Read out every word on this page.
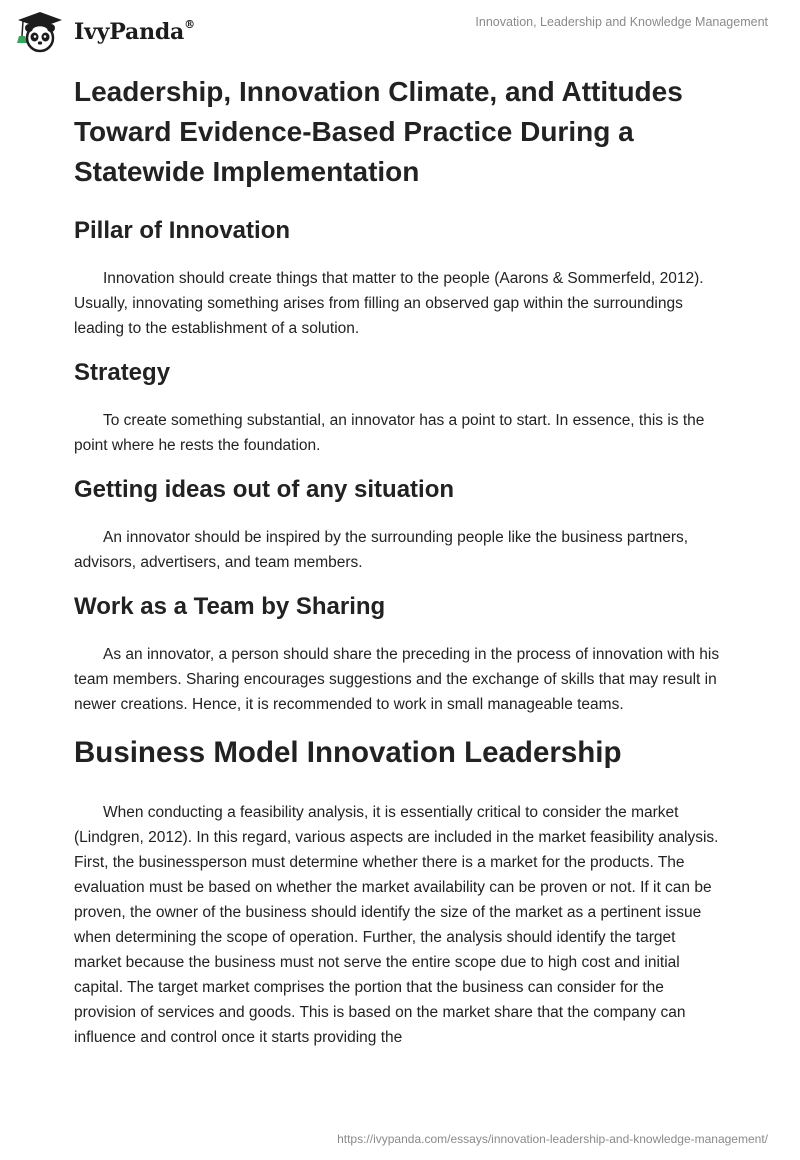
IvyPanda®	Innovation, Leadership and Knowledge Management
Leadership, Innovation Climate, and Attitudes Toward Evidence-Based Practice During a Statewide Implementation
Pillar of Innovation

Innovation should create things that matter to the people (Aarons & Sommerfeld, 2012). Usually, innovating something arises from filling an observed gap within the surroundings leading to the establishment of a solution.

Strategy

To create something substantial, an innovator has a point to start. In essence, this is the point where he rests the foundation.

Getting ideas out of any situation

An innovator should be inspired by the surrounding people like the business partners, advisors, advertisers, and team members.

Work as a Team by Sharing

As an innovator, a person should share the preceding in the process of innovation with his team members. Sharing encourages suggestions and the exchange of skills that may result in newer creations. Hence, it is recommended to work in small manageable teams.

Business Model Innovation Leadership

When conducting a feasibility analysis, it is essentially critical to consider the market (Lindgren, 2012). In this regard, various aspects are included in the market feasibility analysis. First, the businessperson must determine whether there is a market for the products. The evaluation must be based on whether the market availability can be proven or not. If it can be proven, the owner of the business should identify the size of the market as a pertinent issue when determining the scope of operation. Further, the analysis should identify the target market because the business must not serve the entire scope due to high cost and initial capital. The target market comprises the portion that the business can consider for the provision of services and goods. This is based on the market share that the company can influence and control once it starts providing the

https://ivypanda.com/essays/innovation-leadership-and-knowledge-management/
